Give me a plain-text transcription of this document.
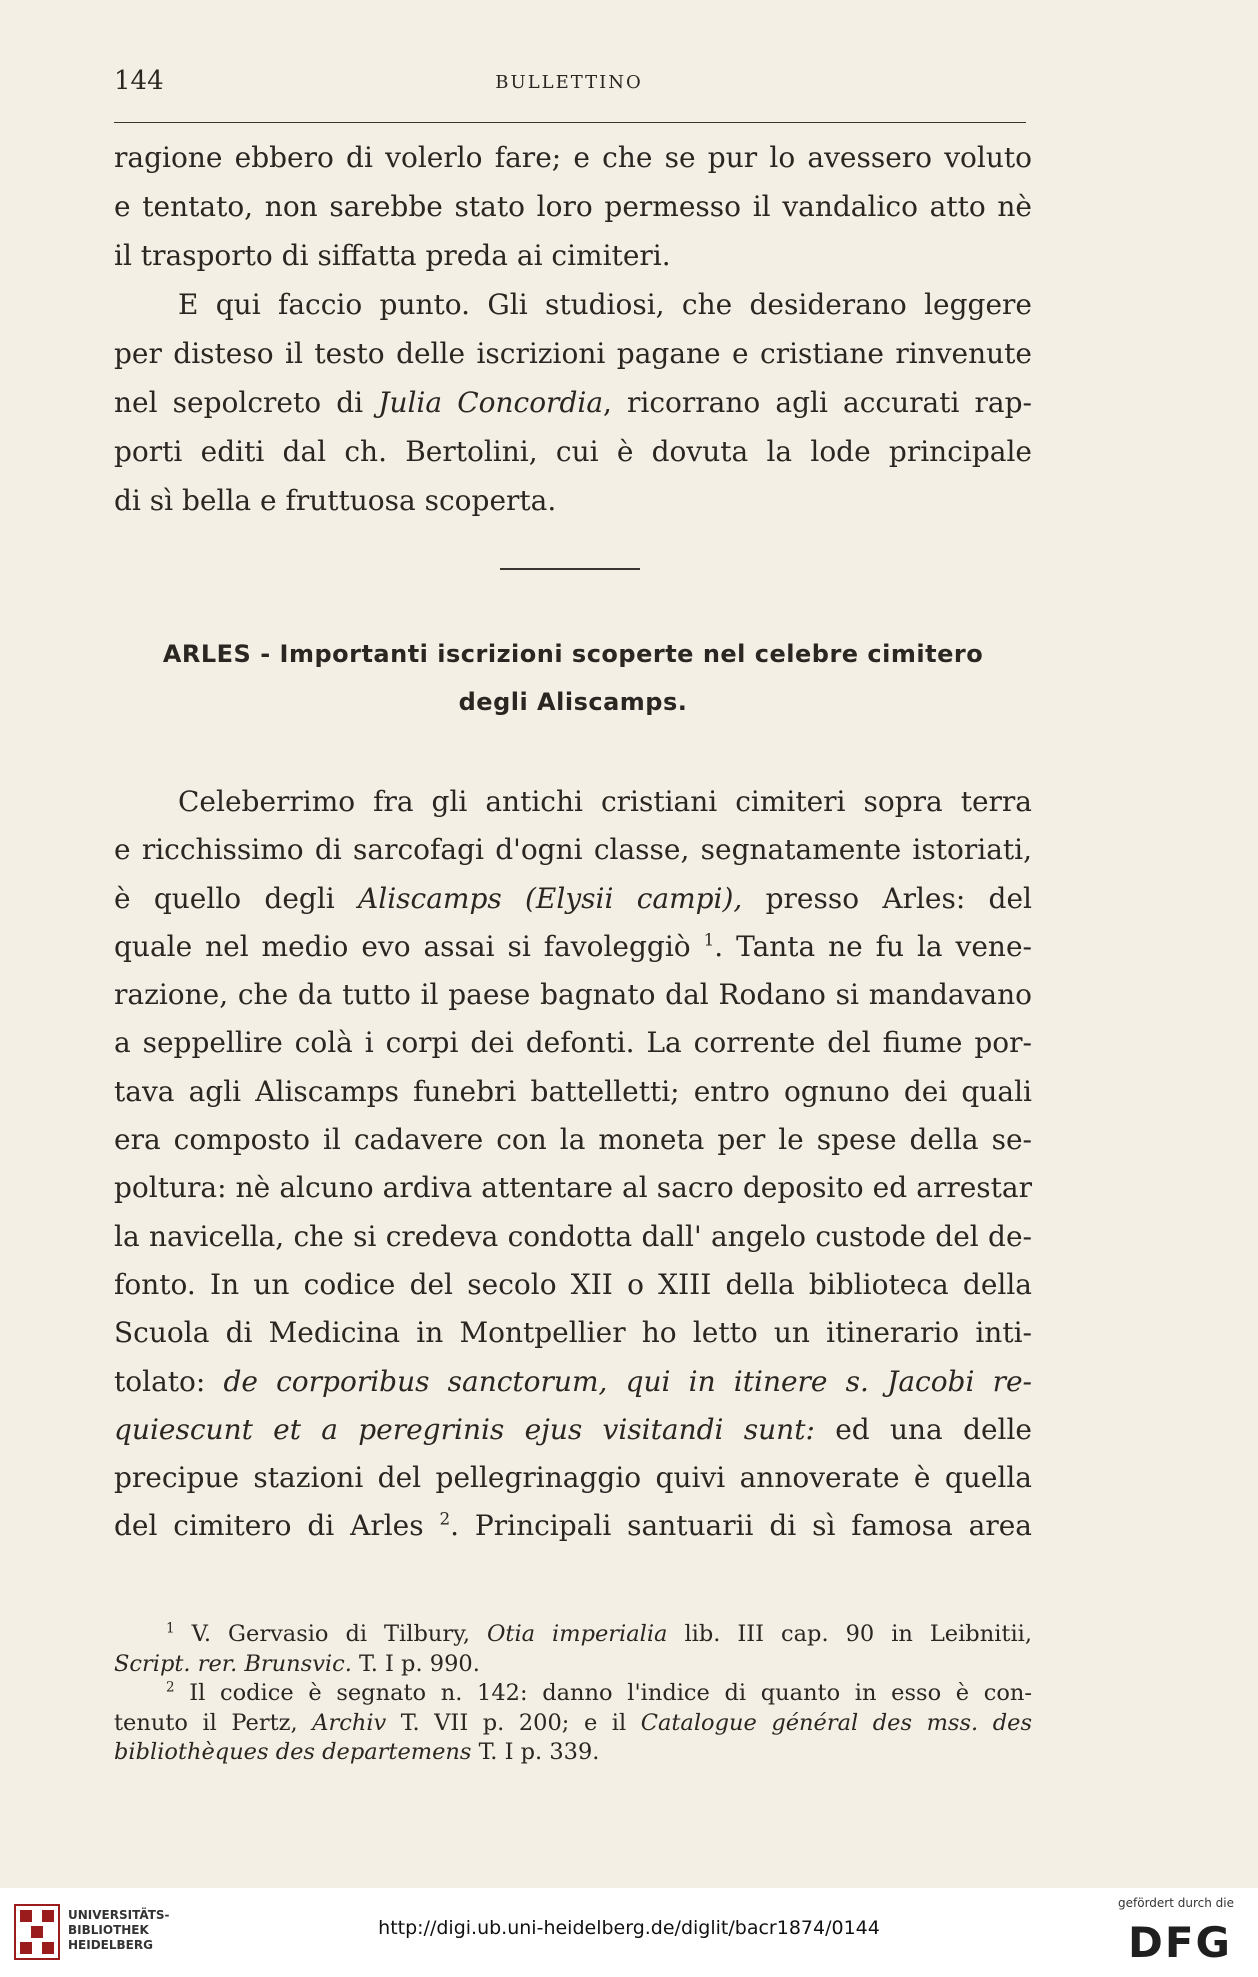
144	BULLETTINO
ragione ebbero di volerlo fare; e che se pur lo avessero voluto
e tentato, non sarebbe stato loro permesso il vandalico atto nè
il trasporto di siffatta preda ai cimiteri.
E qui faccio punto. Gli studiosi, che desiderano leggere
per disteso il testo delle iscrizioni pagane e cristiane rinvenute
nel sepolcreto di Julia Concordia, ricorrano agli accurati rap-
porti editi dal ch. Bertolini, cui è dovuta la lode principale
di sì bella e fruttuosa scoperta.
ARLES - Importanti iscrizioni scoperte nel celebre cimitero
degli Aliscamps.
Celeberrimo fra gli antichi cristiani cimiteri sopra terra
e ricchissimo di sarcofagi d'ogni classe, segnatamente istoriati,
è quello degli Aliscamps (Elysii campi), presso Arles: del
quale nel medio evo assai si favoleggiò $^1$. Tanta ne fu la vene-
razione, che da tutto il paese bagnato dal Rodano si mandavano
a seppellire colà i corpi dei defonti. La corrente del fiume por-
tava agli Aliscamps funebri battelletti; entro ognuno dei quali
era composto il cadavere con la moneta per le spese della se-
poltura: nè alcuno ardiva attentare al sacro deposito ed arrestar
la navicella, che si credeva condotta dall' angelo custode del de-
fonto. In un codice del secolo XII o XIII della biblioteca della
Scuola di Medicina in Montpellier ho letto un itinerario inti-
tolato: de corporibus sanctorum, qui in itinere s. Jacobi re-
quiescunt et a peregrinis ejus visitandi sunt: ed una delle
precipue stazioni del pellegrinaggio quivi annoverate è quella
del cimitero di Arles $^2$. Principali santuarii di sì famosa area
$^1$ V. Gervasio di Tilbury, Otia imperialia lib. III cap. 90 in Leibnitii,
Script. rer. Brunsvic. T. I p. 990.
$^2$ Il codice è segnato n. 142: danno l'indice di quanto in esso è con-
tenuto il Pertz, Archiv T. VII p. 200; e il Catalogue général des mss. des
bibliothèques des departemens T. I p. 339.
UNIVERSITÄTS-
BIBLIOTHEK
HEIDELBERG
http://digi.ub.uni-heidelberg.de/diglit/bacr1874/0144
gefördert durch die
DFG
